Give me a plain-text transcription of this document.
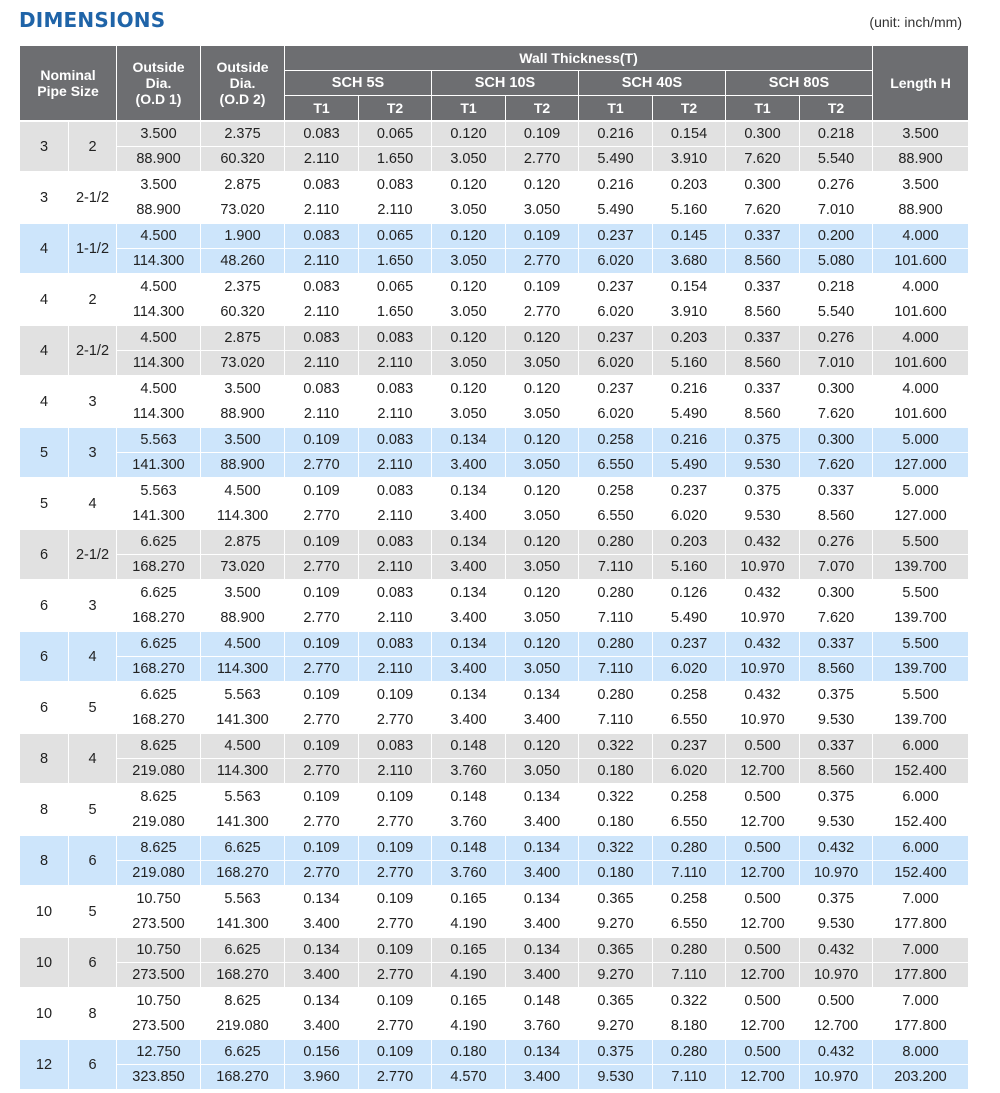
DIMENSIONS	(unit: inch/mm)
Nominal
Pipe Size		Outside
Dia.
(O.D 1)	Outside
Dia.
(O.D 2)	Wall Thickness(T)								Length H
				SCH 5S		SCH 10S		SCH 40S		SCH 80S		
				T1	T2	T1	T2	T1	T2	T1	T2	
3	2	3.500	2.375	0.083	0.065	0.120	0.109	0.216	0.154	0.300	0.218	3.500
		88.900	60.320	2.110	1.650	3.050	2.770	5.490	3.910	7.620	5.540	88.900
3	2-1/2	3.500	2.875	0.083	0.083	0.120	0.120	0.216	0.203	0.300	0.276	3.500
		88.900	73.020	2.110	2.110	3.050	3.050	5.490	5.160	7.620	7.010	88.900
4	1-1/2	4.500	1.900	0.083	0.065	0.120	0.109	0.237	0.145	0.337	0.200	4.000
		114.300	48.260	2.110	1.650	3.050	2.770	6.020	3.680	8.560	5.080	101.600
4	2	4.500	2.375	0.083	0.065	0.120	0.109	0.237	0.154	0.337	0.218	4.000
		114.300	60.320	2.110	1.650	3.050	2.770	6.020	3.910	8.560	5.540	101.600
4	2-1/2	4.500	2.875	0.083	0.083	0.120	0.120	0.237	0.203	0.337	0.276	4.000
		114.300	73.020	2.110	2.110	3.050	3.050	6.020	5.160	8.560	7.010	101.600
4	3	4.500	3.500	0.083	0.083	0.120	0.120	0.237	0.216	0.337	0.300	4.000
		114.300	88.900	2.110	2.110	3.050	3.050	6.020	5.490	8.560	7.620	101.600
5	3	5.563	3.500	0.109	0.083	0.134	0.120	0.258	0.216	0.375	0.300	5.000
		141.300	88.900	2.770	2.110	3.400	3.050	6.550	5.490	9.530	7.620	127.000
5	4	5.563	4.500	0.109	0.083	0.134	0.120	0.258	0.237	0.375	0.337	5.000
		141.300	114.300	2.770	2.110	3.400	3.050	6.550	6.020	9.530	8.560	127.000
6	2-1/2	6.625	2.875	0.109	0.083	0.134	0.120	0.280	0.203	0.432	0.276	5.500
		168.270	73.020	2.770	2.110	3.400	3.050	7.110	5.160	10.970	7.070	139.700
6	3	6.625	3.500	0.109	0.083	0.134	0.120	0.280	0.126	0.432	0.300	5.500
		168.270	88.900	2.770	2.110	3.400	3.050	7.110	5.490	10.970	7.620	139.700
6	4	6.625	4.500	0.109	0.083	0.134	0.120	0.280	0.237	0.432	0.337	5.500
		168.270	114.300	2.770	2.110	3.400	3.050	7.110	6.020	10.970	8.560	139.700
6	5	6.625	5.563	0.109	0.109	0.134	0.134	0.280	0.258	0.432	0.375	5.500
		168.270	141.300	2.770	2.770	3.400	3.400	7.110	6.550	10.970	9.530	139.700
8	4	8.625	4.500	0.109	0.083	0.148	0.120	0.322	0.237	0.500	0.337	6.000
		219.080	114.300	2.770	2.110	3.760	3.050	0.180	6.020	12.700	8.560	152.400
8	5	8.625	5.563	0.109	0.109	0.148	0.134	0.322	0.258	0.500	0.375	6.000
		219.080	141.300	2.770	2.770	3.760	3.400	0.180	6.550	12.700	9.530	152.400
8	6	8.625	6.625	0.109	0.109	0.148	0.134	0.322	0.280	0.500	0.432	6.000
		219.080	168.270	2.770	2.770	3.760	3.400	0.180	7.110	12.700	10.970	152.400
10	5	10.750	5.563	0.134	0.109	0.165	0.134	0.365	0.258	0.500	0.375	7.000
		273.500	141.300	3.400	2.770	4.190	3.400	9.270	6.550	12.700	9.530	177.800
10	6	10.750	6.625	0.134	0.109	0.165	0.134	0.365	0.280	0.500	0.432	7.000
		273.500	168.270	3.400	2.770	4.190	3.400	9.270	7.110	12.700	10.970	177.800
10	8	10.750	8.625	0.134	0.109	0.165	0.148	0.365	0.322	0.500	0.500	7.000
		273.500	219.080	3.400	2.770	4.190	3.760	9.270	8.180	12.700	12.700	177.800
12	6	12.750	6.625	0.156	0.109	0.180	0.134	0.375	0.280	0.500	0.432	8.000
		323.850	168.270	3.960	2.770	4.570	3.400	9.530	7.110	12.700	10.970	203.200
